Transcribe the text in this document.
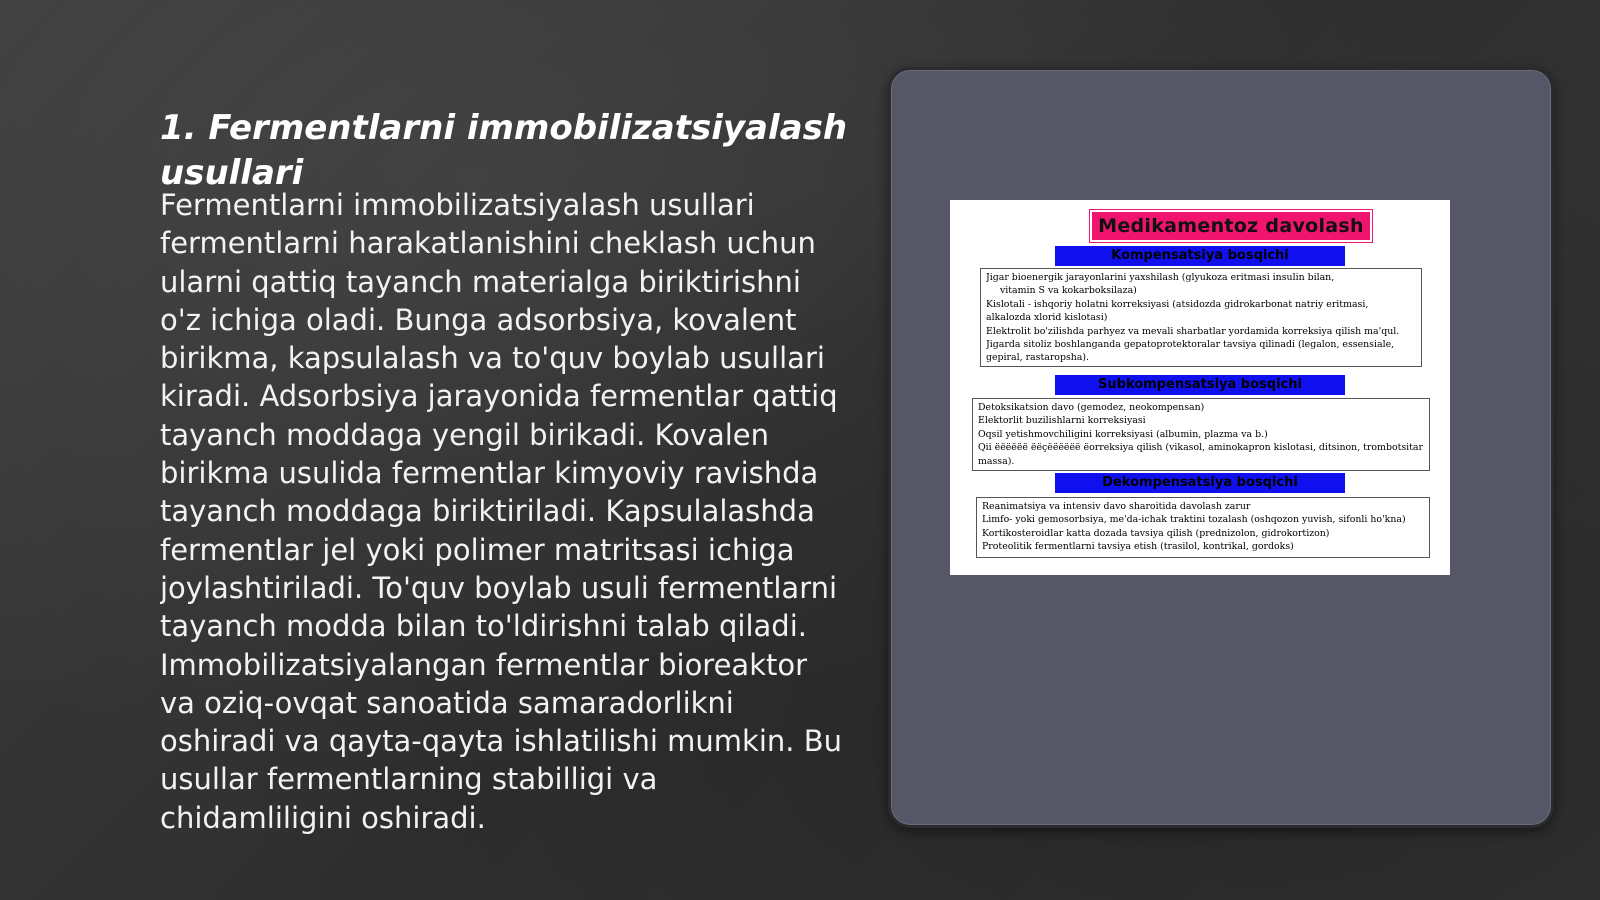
1. Fermentlarni immobilizatsiyalash usullari

Fermentlarni immobilizatsiyalash usullari fermentlarni harakatlanishini cheklash uchun ularni qattiq tayanch materialga biriktirishni o'z ichiga oladi. Bunga adsorbsiya, kovalent birikma, kapsulalash va to'quv boylab usullari kiradi. Adsorbsiya jarayonida fermentlar qattiq tayanch moddaga yengil birikadi. Kovalen birikma usulida fermentlar kimyoviy ravishda tayanch moddaga biriktiriladi. Kapsulalashda fermentlar jel yoki polimer matritsasi ichiga joylashtiriladi. To'quv boylab usuli fermentlarni tayanch modda bilan to'ldirishni talab qiladi. Immobilizatsiyalangan fermentlar bioreaktor va oziq-ovqat sanoatida samaradorlikni oshiradi va qayta-qayta ishlatilishi mumkin. Bu usullar fermentlarning stabilligi va chidamliligini oshiradi.

Medikamentoz davolash
Kompensatsiya bosqichi
Jigar bioenergik jarayonlarini yaxshilash (glyukoza eritmasi insulin bilan,
vitamin S va kokarboksilaza)
Kislotali - ishqoriy holatni korreksiyasi (atsidozda gidrokarbonat natriy eritmasi,
alkalozda xlorid kislotasi)
Elektrolit bo'zilishda parhyez va mevali sharbatlar yordamida korreksiya qilish ma'qul.
Jigarda sitoliz boshlanganda gepatoprotektoralar tavsiya qilinadi (legalon, essensiale,
gepiral, rastaropsha).
Subkompensatsiya bosqichi
Detoksikatsion davo (gemodez, neokompensan)
Elektorlit buzilishlarni korreksiyasi
Oqsil yetishmovchiligini korreksiyasi (albumin, plazma va b.)
Qii ёёёёёё ёёçёёёёёё ёorreksiya qilish (vikasol, aminokapron kislotasi, ditsinon, trombotsitar
massa).
Dekompensatsiya bosqichi
Reanimatsiya va intensiv davo sharoitida davolash zarur
Limfo- yoki gemosorbsiya, me'da-ichak traktini tozalash (oshqozon yuvish, sifonli ho'kna)
Kortikosteroidlar katta dozada tavsiya qilish (prednizolon, gidrokortizon)
Proteolitik fermentlarni tavsiya etish (trasilol, kontrikal, gordoks)
